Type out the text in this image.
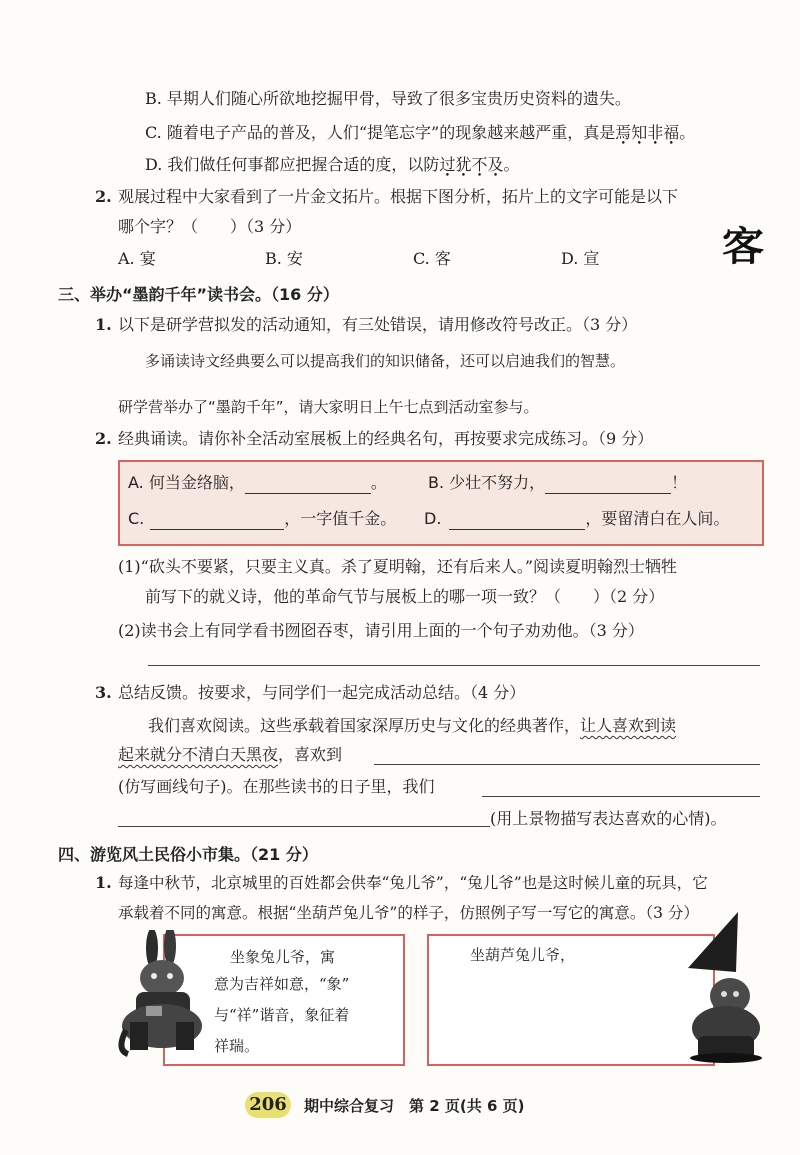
B. 早期人们随心所欲地挖掘甲骨，导致了很多宝贵历史资料的遗失。
C. 随着电子产品的普及，人们“提笔忘字”的现象越来越严重，真是焉知非福。
D. 我们做任何事都应把握合适的度，以防过犹不及。
2. 观展过程中大家看到了一片金文拓片。根据下图分析，拓片上的文字可能是以下
哪个字？（　　）（3 分）
A. 宴	B. 安	C. 客	D. 宣	客
三、举办“墨韵千年”读书会。（16 分）
1. 以下是研学营拟发的活动通知，有三处错误，请用修改符号改正。（3 分）
多诵读诗文经典要么可以提高我们的知识储备，还可以启迪我们的智慧。
研学营举办了“墨韵千年”，请大家明日上午七点到活动室参与。
2. 经典诵读。请你补全活动室展板上的经典名句，再按要求完成练习。（9 分）
A. 何当金络脑，	。	B. 少壮不努力，	！
C.	，一字值千金。 D.	，要留清白在人间。
(1)“砍头不要紧，只要主义真。杀了夏明翰，还有后来人。”阅读夏明翰烈士牺牲
前写下的就义诗，他的革命气节与展板上的哪一项一致？（　　）（2 分）
(2)读书会上有同学看书囫囵吞枣，请引用上面的一个句子劝劝他。（3 分）
3. 总结反馈。按要求，与同学们一起完成活动总结。（4 分）
我们喜欢阅读。这些承载着国家深厚历史与文化的经典著作，让人喜欢到读
起来就分不清白天黑夜，喜欢到
(仿写画线句子)。在那些读书的日子里，我们
(用上景物描写表达喜欢的心情)。
四、游览风土民俗小市集。（21 分）
1. 每逢中秋节，北京城里的百姓都会供奉“兔儿爷”，“兔儿爷”也是这时候儿童的玩具，它
承载着不同的寓意。根据“坐葫芦兔儿爷”的样子，仿照例子写一写它的寓意。（3 分）
坐象兔儿爷，寓
意为吉祥如意，“象”
与“祥”谐音，象征着
祥瑞。
坐葫芦兔儿爷，
206 期中综合复习　第 2 页(共 6 页)
